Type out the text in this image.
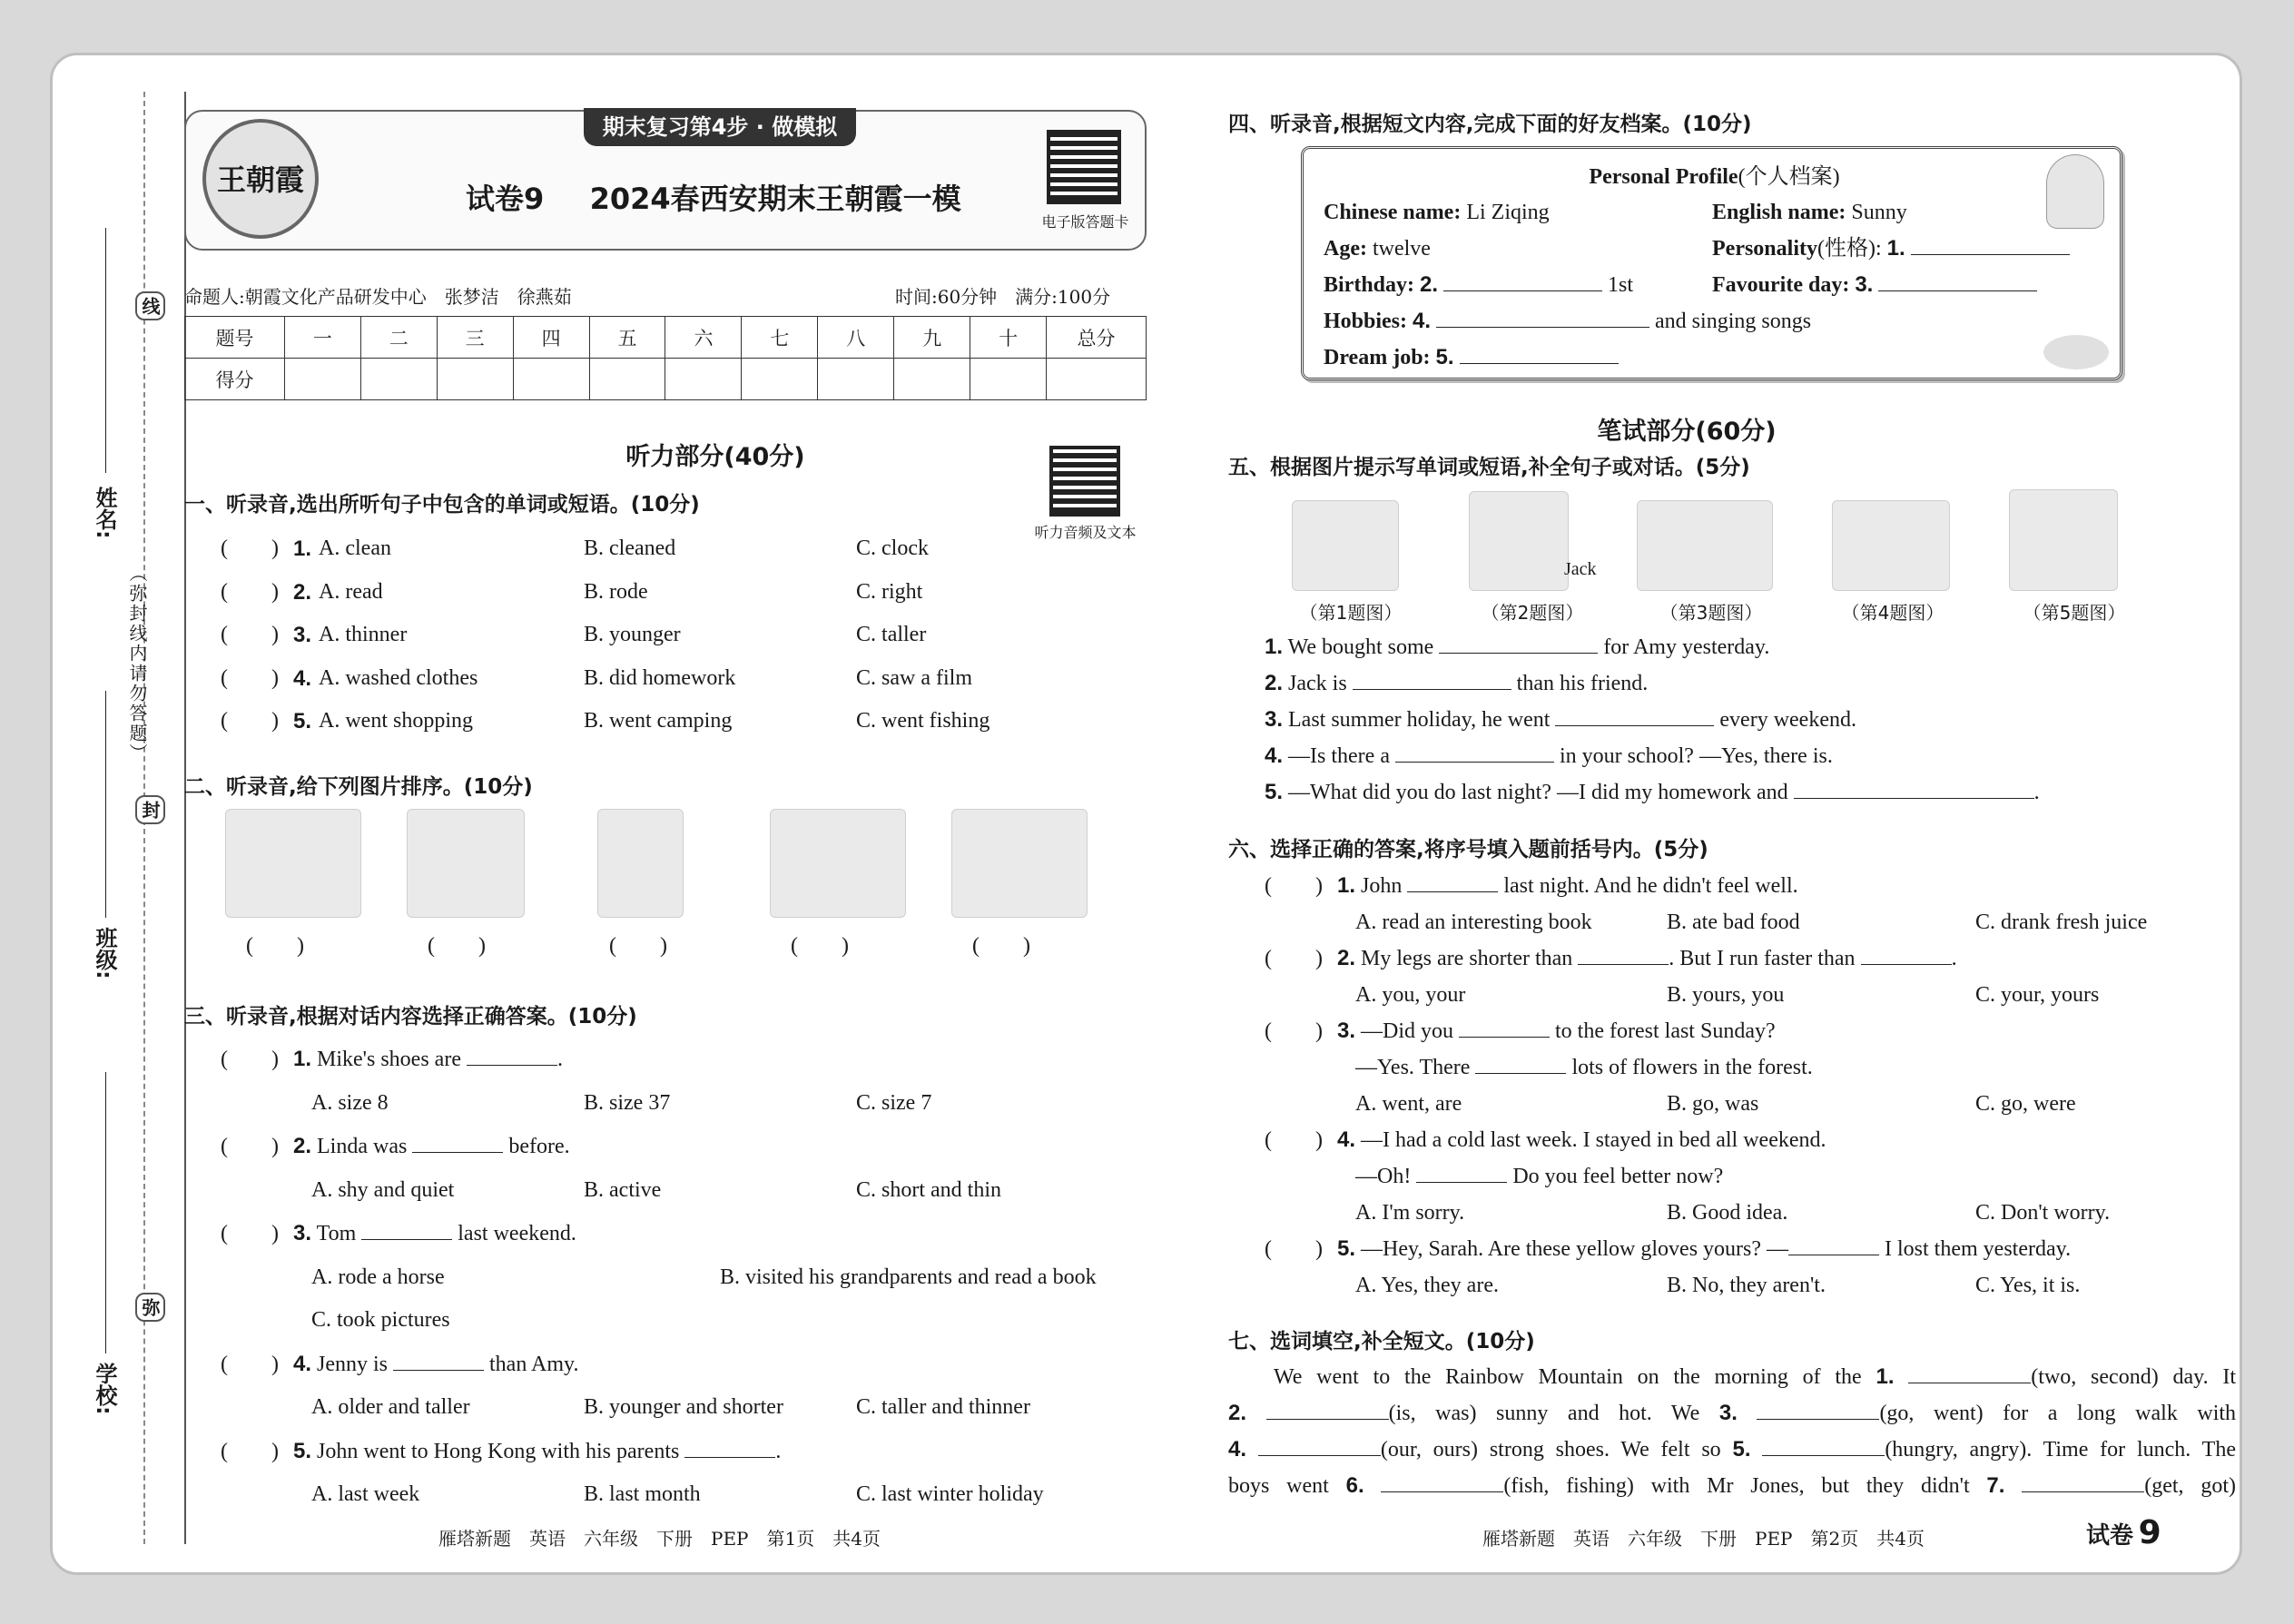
线
封
弥
（弥封线内请勿答题）
姓名:
班级:
学校:
王朝霞
期末复习第4步 · 做模拟
试卷9 2024春西安期末王朝霞一模
电子版答题卡
命题人:朝霞文化产品研发中心　张梦洁　徐燕茹	时间:60分钟　满分:100分
题号	一	二	三	四	五	六	七	八	九	十	总分
得分											
听力部分(40分)
听力音频及文本
一、听录音,选出所听句子中包含的单词或短语。(10分)
(　　) 1. A. clean	B. cleaned	C. clock
(　　) 2. A. read	B. rode	C. right
(　　) 3. A. thinner	B. younger	C. taller
(　　) 4. A. washed clothes	B. did homework	C. saw a film
(　　) 5. A. went shopping	B. went camping	C. went fishing
二、听录音,给下列图片排序。(10分)
(　　)	(　　)	(　　)	(　　)	(　　)
三、听录音,根据对话内容选择正确答案。(10分)
(　　) 1. Mike's shoes are	.
A. size 8	B. size 37	C. size 7
(　　) 2. Linda was	before.
A. shy and quiet	B. active	C. short and thin
(　　) 3. Tom	last weekend.
A. rode a horse	B. visited his grandparents and read a book
C. took pictures
(　　) 4. Jenny is	than Amy.
A. older and taller	B. younger and shorter	C. taller and thinner
(　　) 5. John went to Hong Kong with his parents	.
A. last week	B. last month	C. last winter holiday
四、听录音,根据短文内容,完成下面的好友档案。(10分)
Personal Profile(个人档案)
Chinese name: Li Ziqing	English name: Sunny
Age: twelve	Personality(性格): 1.
Birthday: 2.	1st	Favourite day: 3.
Hobbies: 4.	and singing songs
Dream job: 5.
笔试部分(60分)
五、根据图片提示写单词或短语,补全句子或对话。(5分)
Jack
（第1题图）	（第2题图）	（第3题图）	（第4题图）	（第5题图）
1. We bought some	for Amy yesterday.
2. Jack is	than his friend.
3. Last summer holiday, he went	every weekend.
4. —Is there a	in your school? —Yes, there is.
5. —What did you do last night? —I did my homework and	.
六、选择正确的答案,将序号填入题前括号内。(5分)
(　　) 1. John	last night. And he didn't feel well.
A. read an interesting book	B. ate bad food	C. drank fresh juice
(　　) 2. My legs are shorter than	. But I run faster than	.
A. you, your	B. yours, you	C. your, yours
(　　) 3. —Did you	to the forest last Sunday?
—Yes. There	lots of flowers in the forest.
A. went, are	B. go, was	C. go, were
(　　) 4. —I had a cold last week. I stayed in bed all weekend.
—Oh!	Do you feel better now?
A. I'm sorry.	B. Good idea.	C. Don't worry.
(　　) 5. —Hey, Sarah. Are these yellow gloves yours? —	I lost them yesterday.
A. Yes, they are.	B. No, they aren't.	C. Yes, it is.
七、选词填空,补全短文。(10分)
We went to the Rainbow Mountain on the morning of the 1.	(two, second) day. It
2.	(is, was) sunny and hot. We 3.	(go, went) for a long walk with
4.	(our, ours) strong shoes. We felt so 5.	(hungry, angry). Time for lunch. The
boys went 6.	(fish, fishing) with Mr Jones, but they didn't 7.	(get, got)
雁塔新题　英语　六年级　下册　PEP　第1页　共4页	雁塔新题　英语　六年级　下册　PEP　第2页　共4页	试卷 9
